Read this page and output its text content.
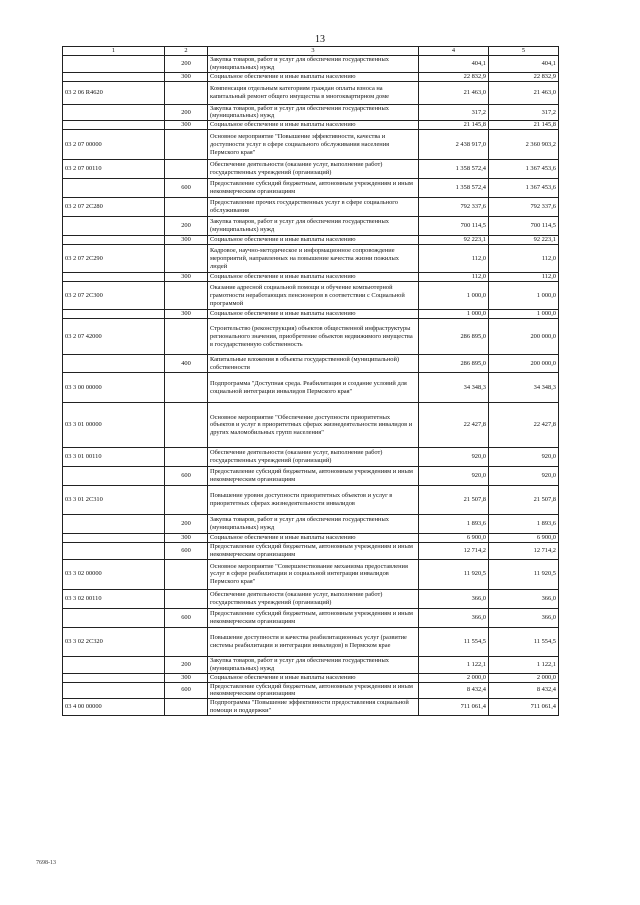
13
1	2	3	4	5
	200	Закупка товаров, работ и услуг для обеспечения государственных (муниципальных) нужд	404,1	404,1
	300	Социальное обеспечение и иные выплаты населению	22 832,9	22 832,9
03 2 06 R4620		Компенсация отдельным категориям граждан оплаты взноса на капитальный ремонт общего имущества в многоквартирном доме	21 463,0	21 463,0
	200	Закупка товаров, работ и услуг для обеспечения государственных (муниципальных) нужд	317,2	317,2
	300	Социальное обеспечение и иные выплаты населению	21 145,8	21 145,8
03 2 07 00000		Основное мероприятие "Повышение эффективности, качества и доступности услуг в сфере социального обслуживания населения Пермского края"	2 438 917,0	2 360 903,2
03 2 07 00110		Обеспечение деятельности (оказание услуг, выполнение работ) государственных учреждений (организаций)	1 358 572,4	1 367 453,6
	600	Предоставление субсидий бюджетным, автономным учреждениям и иным некоммерческим организациям	1 358 572,4	1 367 453,6
03 2 07 2С280		Предоставление прочих государственных услуг в сфере социального обслуживания	792 337,6	792 337,6
	200	Закупка товаров, работ и услуг для обеспечения государственных (муниципальных) нужд	700 114,5	700 114,5
	300	Социальное обеспечение и иные выплаты населению	92 223,1	92 223,1
03 2 07 2С290		Кадровое, научно-методическое и информационное сопровождение мероприятий, направленных на повышение качества жизни пожилых людей	112,0	112,0
	300	Социальное обеспечение и иные выплаты населению	112,0	112,0
03 2 07 2С300		Оказание адресной социальной помощи и обучение компьютерной грамотности неработающих пенсионеров в соответствии с Социальной программой	1 000,0	1 000,0
	300	Социальное обеспечение и иные выплаты населению	1 000,0	1 000,0
03 2 07 42000		Строительство (реконструкция) объектов общественной инфраструктуры регионального значения, приобретение объектов недвижимого имущества в государственную собственность	286 895,0	200 000,0
	400	Капитальные вложения в объекты государственной (муниципальной) собственности	286 895,0	200 000,0
03 3 00 00000		Подпрограмма "Доступная среда. Реабилитация и создание условий для социальной интеграции инвалидов Пермского края"	34 348,3	34 348,3
03 3 01 00000		Основное мероприятие "Обеспечение доступности приоритетных объектов и услуг в приоритетных сферах жизнедеятельности инвалидов и других маломобильных групп населения"	22 427,8	22 427,8
03 3 01 00110		Обеспечение деятельности (оказание услуг, выполнение работ) государственных учреждений (организаций)	920,0	920,0
	600	Предоставление субсидий бюджетным, автономным учреждениям и иным некоммерческим организациям	920,0	920,0
03 3 01 2С310		Повышение уровня доступности приоритетных объектов и услуг в приоритетных сферах жизнедеятельности инвалидов	21 507,8	21 507,8
	200	Закупка товаров, работ и услуг для обеспечения государственных (муниципальных) нужд	1 893,6	1 893,6
	300	Социальное обеспечение и иные выплаты населению	6 900,0	6 900,0
	600	Предоставление субсидий бюджетным, автономным учреждениям и иным некоммерческим организациям	12 714,2	12 714,2
03 3 02 00000		Основное мероприятие "Совершенствование механизма предоставления услуг в сфере реабилитации и социальной интеграции инвалидов Пермского края"	11 920,5	11 920,5
03 3 02 00110		Обеспечение деятельности (оказание услуг, выполнение работ) государственных учреждений (организаций)	366,0	366,0
	600	Предоставление субсидий бюджетным, автономным учреждениям и иным некоммерческим организациям	366,0	366,0
03 3 02 2С320		Повышение доступности и качества реабилитационных услуг (развитие системы реабилитации и интеграции инвалидов) в Пермском крае	11 554,5	11 554,5
	200	Закупка товаров, работ и услуг для обеспечения государственных (муниципальных) нужд	1 122,1	1 122,1
	300	Социальное обеспечение и иные выплаты населению	2 000,0	2 000,0
	600	Предоставление субсидий бюджетным, автономным учреждениям и иным некоммерческим организациям	8 432,4	8 432,4
03 4 00 00000		Подпрограмма "Повышение эффективности предоставления социальной помощи и поддержки"	711 061,4	711 061,4
7698-13
